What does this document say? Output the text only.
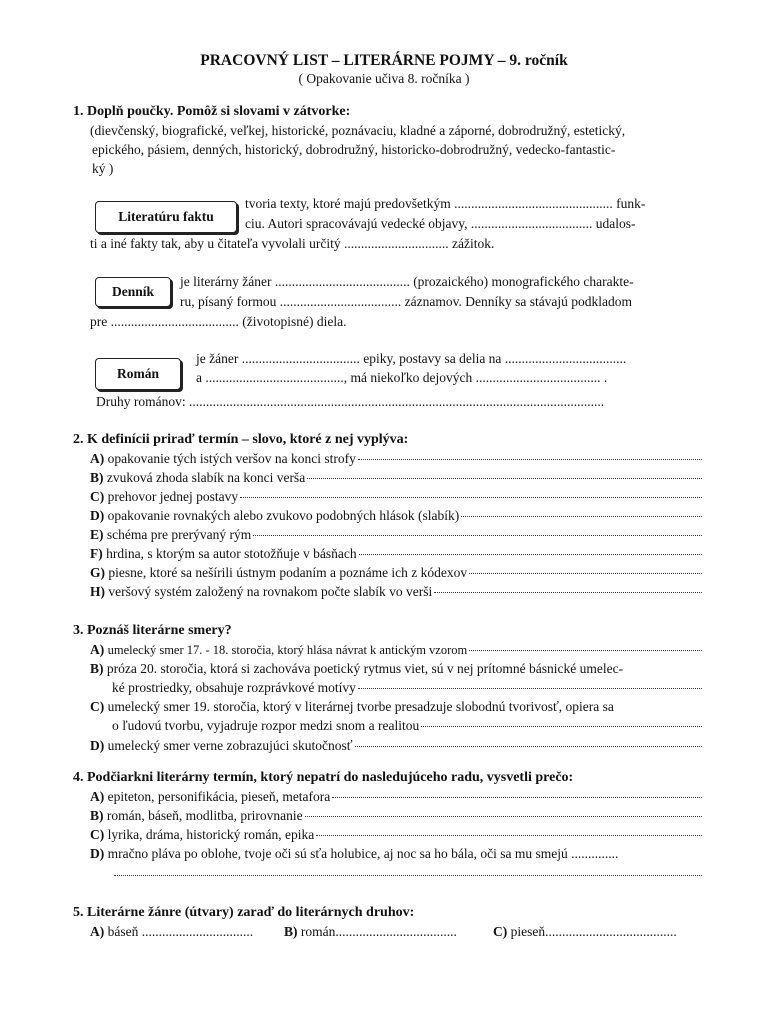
PRACOVNÝ LIST – LITERÁRNE POJMY – 9. ročník
( Opakovanie učiva 8. ročníka )
1. Doplň poučky. Pomôž si slovami v zátvorke:
(dievčenský, biografické, veľkej, historické, poznávaciu, kladné a záporné, dobrodružný, estetický,
epického, pásiem, denných, historický, dobrodružný, historicko-dobrodružný, vedecko-fantastic-
ký )
Literatúru faktu
tvoria texty, ktoré majú predovšetkým ............................................... funk-
ciu. Autori spracovávajú vedecké objavy, .................................... udalos-
ti a iné fakty tak, aby u čitateľa vyvolali určitý ............................... zážitok.
Denník
je literárny žáner ........................................ (prozaického) monografického charakte-
ru, písaný formou .................................... záznamov. Denníky sa stávajú podkladom
pre ...................................... (životopisné) diela.
Román
je žáner ................................... epiky, postavy sa delia na ....................................
a ........................................., má niekoľko dejových ..................................... .
Druhy románov: ...........................................................................................................................
2. K definícii priraď termín – slovo, ktoré z nej vyplýva:
A) opakovanie tých istých veršov na konci strofy
B) zvuková zhoda slabík na konci verša
C) prehovor jednej postavy
D) opakovanie rovnakých alebo zvukovo podobných hlások (slabík)
E) schéma pre prerývaný rým
F) hrdina, s ktorým sa autor stotožňuje v básňach
G) piesne, ktoré sa nešírili ústnym podaním a poznáme ich z kódexov
H) veršový systém založený na rovnakom počte slabík vo verši
3. Poznáš literárne smery?
A) umelecký smer 17. - 18. storočia, ktorý hlása návrat k antickým vzorom
B) próza 20. storočia, ktorá si zachováva poetický rytmus viet, sú v nej prítomné básnické umelec-
ké prostriedky, obsahuje rozprávkové motívy
C) umelecký smer 19. storočia, ktorý v literárnej tvorbe presadzuje slobodnú tvorivosť, opiera sa
o ľudovú tvorbu, vyjadruje rozpor medzi snom a realitou
D) umelecký smer verne zobrazujúci skutočnosť
4. Podčiarkni literárny termín, ktorý nepatrí do nasledujúceho radu, vysvetli prečo:
A) epiteton, personifikácia, pieseň, metafora
B) román, báseň, modlitba, prirovnanie
C) lyrika, dráma, historický román, epika
D) mračno pláva po oblohe, tvoje oči sú sťa holubice, aj noc sa ho bála, oči sa mu smejú ..............
5. Literárne žánre (útvary) zaraď do literárnych druhov:
A) báseň ................................. B) román....................................	C) pieseň.......................................
